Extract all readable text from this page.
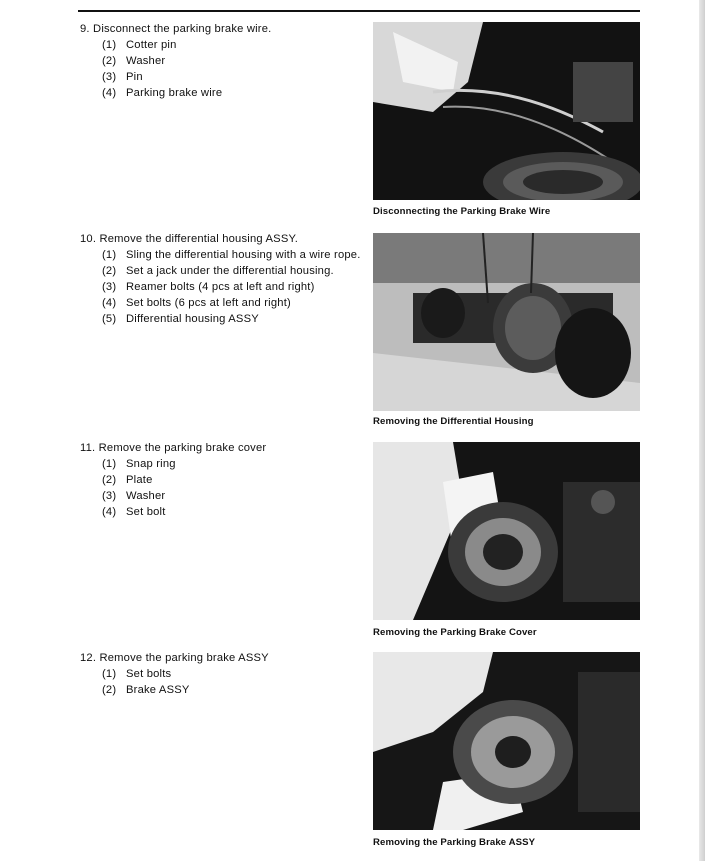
9. Disconnect the parking brake wire.

(1) Cotter pin
(2) Washer
(3) Pin
(4) Parking brake wire
Disconnecting the Parking Brake Wire

10. Remove the differential housing ASSY.

(1) Sling the differential housing with a wire rope.
(2) Set a jack under the differential housing.
(3) Reamer bolts (4 pcs at left and right)
(4) Set bolts (6 pcs at left and right)
(5) Differential housing ASSY
Removing the Differential Housing

11. Remove the parking brake cover

(1) Snap ring
(2) Plate
(3) Washer
(4) Set bolt
Removing the Parking Brake Cover

12. Remove the parking brake ASSY

(1) Set bolts
(2) Brake ASSY
Removing the Parking Brake ASSY
